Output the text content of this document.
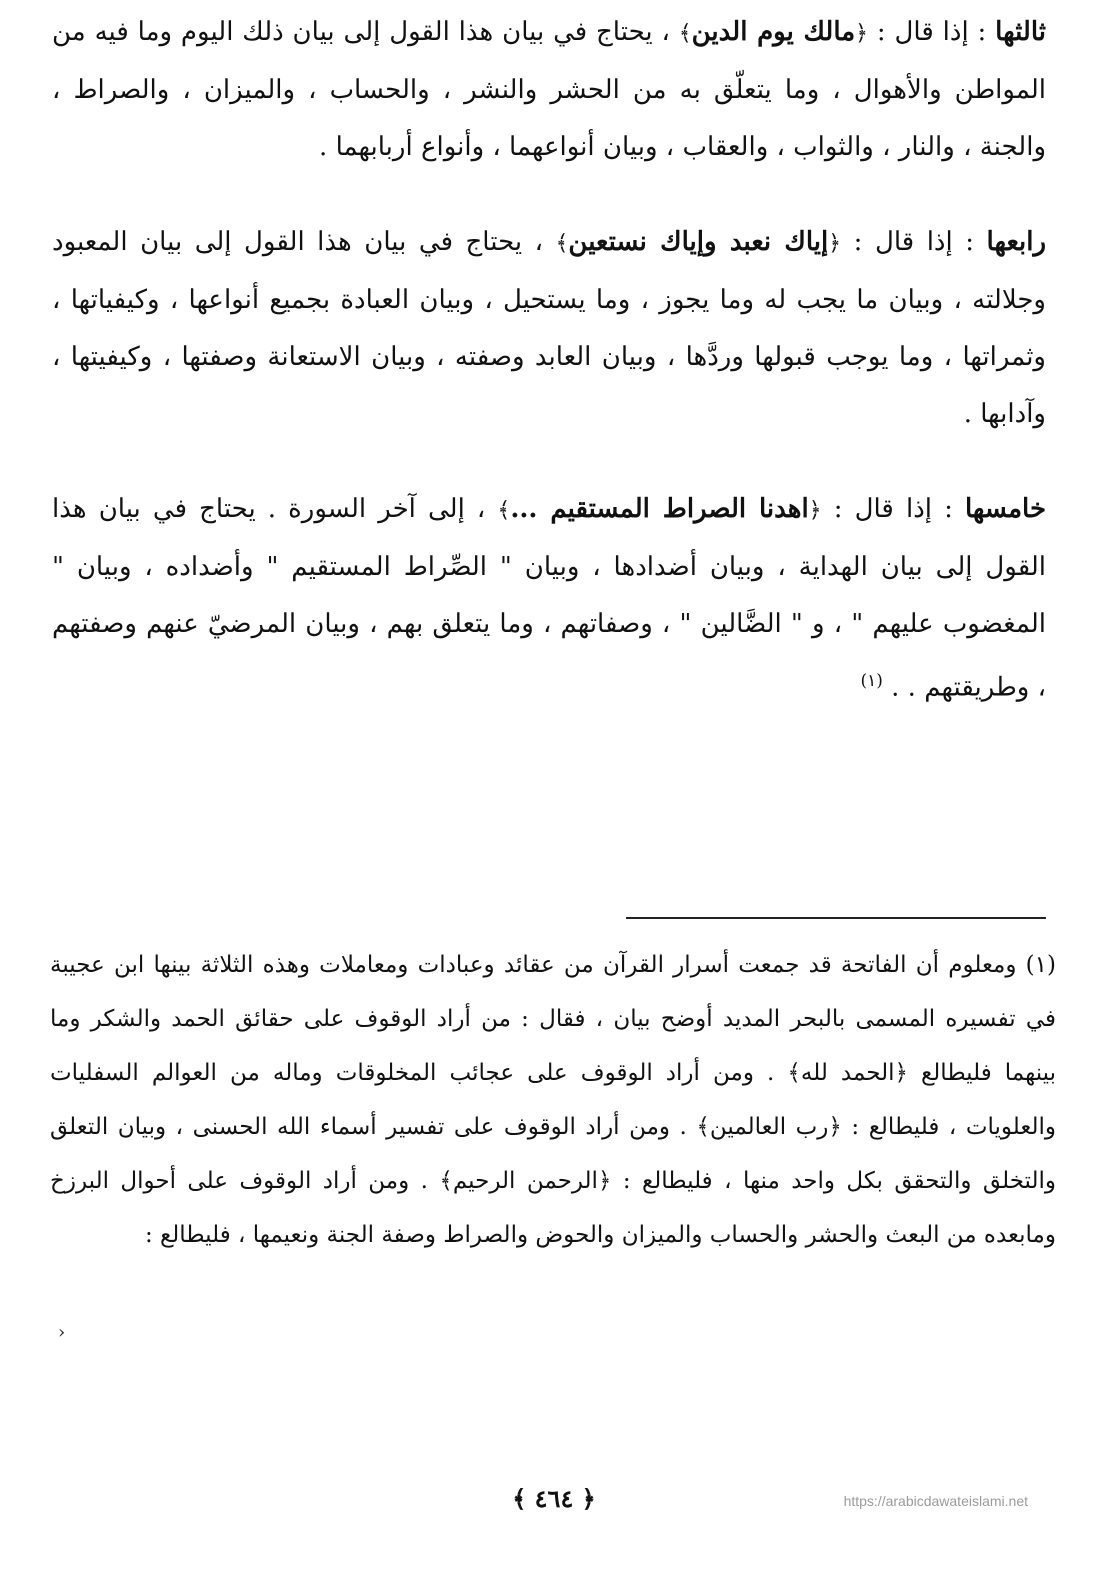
ثالثها : إذا قال : ﴿مالك يوم الدين﴾ ، يحتاج في بيان هذا القول إلى بيان ذلك اليوم وما فيه من المواطن والأهوال ، وما يتعلّق به من الحشر والنشر ، والحساب ، والميزان ، والصراط ، والجنة ، والنار ، والثواب ، والعقاب ، وبيان أنواعهما ، وأنواع أربابهما .

رابعها : إذا قال : ﴿إياك نعبد وإياك نستعين﴾ ، يحتاج في بيان هذا القول إلى بيان المعبود وجلالته ، وبيان ما يجب له وما يجوز ، وما يستحيل ، وبيان العبادة بجميع أنواعها ، وكيفياتها ، وثمراتها ، وما يوجب قبولها وردَّها ، وبيان العابد وصفته ، وبيان الاستعانة وصفتها ، وكيفيتها ، وآدابها .

خامسها : إذا قال : ﴿اهدنا الصراط المستقيم ...﴾ ، إلى آخر السورة . يحتاج في بيان هذا القول إلى بيان الهداية ، وبيان أضدادها ، وبيان " الصِّراط المستقيم " وأضداده ، وبيان " المغضوب عليهم " ، و " الضَّالين " ، وصفاتهم ، وما يتعلق بهم ، وبيان المرضيّ عنهم وصفتهم ، وطريقتهم . . $^{(١)}$

(١) ومعلوم أن الفاتحة قد جمعت أسرار القرآن من عقائد وعبادات ومعاملات وهذه الثلاثة بينها ابن عجيبة في تفسيره المسمى بالبحر المديد أوضح بيان ، فقال : من أراد الوقوف على حقائق الحمد والشكر وما بينهما فليطالع ﴿الحمد لله﴾ . ومن أراد الوقوف على عجائب المخلوقات وماله من العوالم السفليات والعلويات ، فليطالع : ﴿رب العالمين﴾ . ومن أراد الوقوف على تفسير أسماء الله الحسنى ، وبيان التعلق والتخلق والتحقق بكل واحد منها ، فليطالع : ﴿الرحمن الرحيم﴾ . ومن أراد الوقوف على أحوال البرزخ ومابعده من البعث والحشر والحساب والميزان والحوض والصراط وصفة الجنة ونعيمها ، فليطالع :

›
﴿ ٤٦٤ ﴾	https://arabicdawateislami.net
